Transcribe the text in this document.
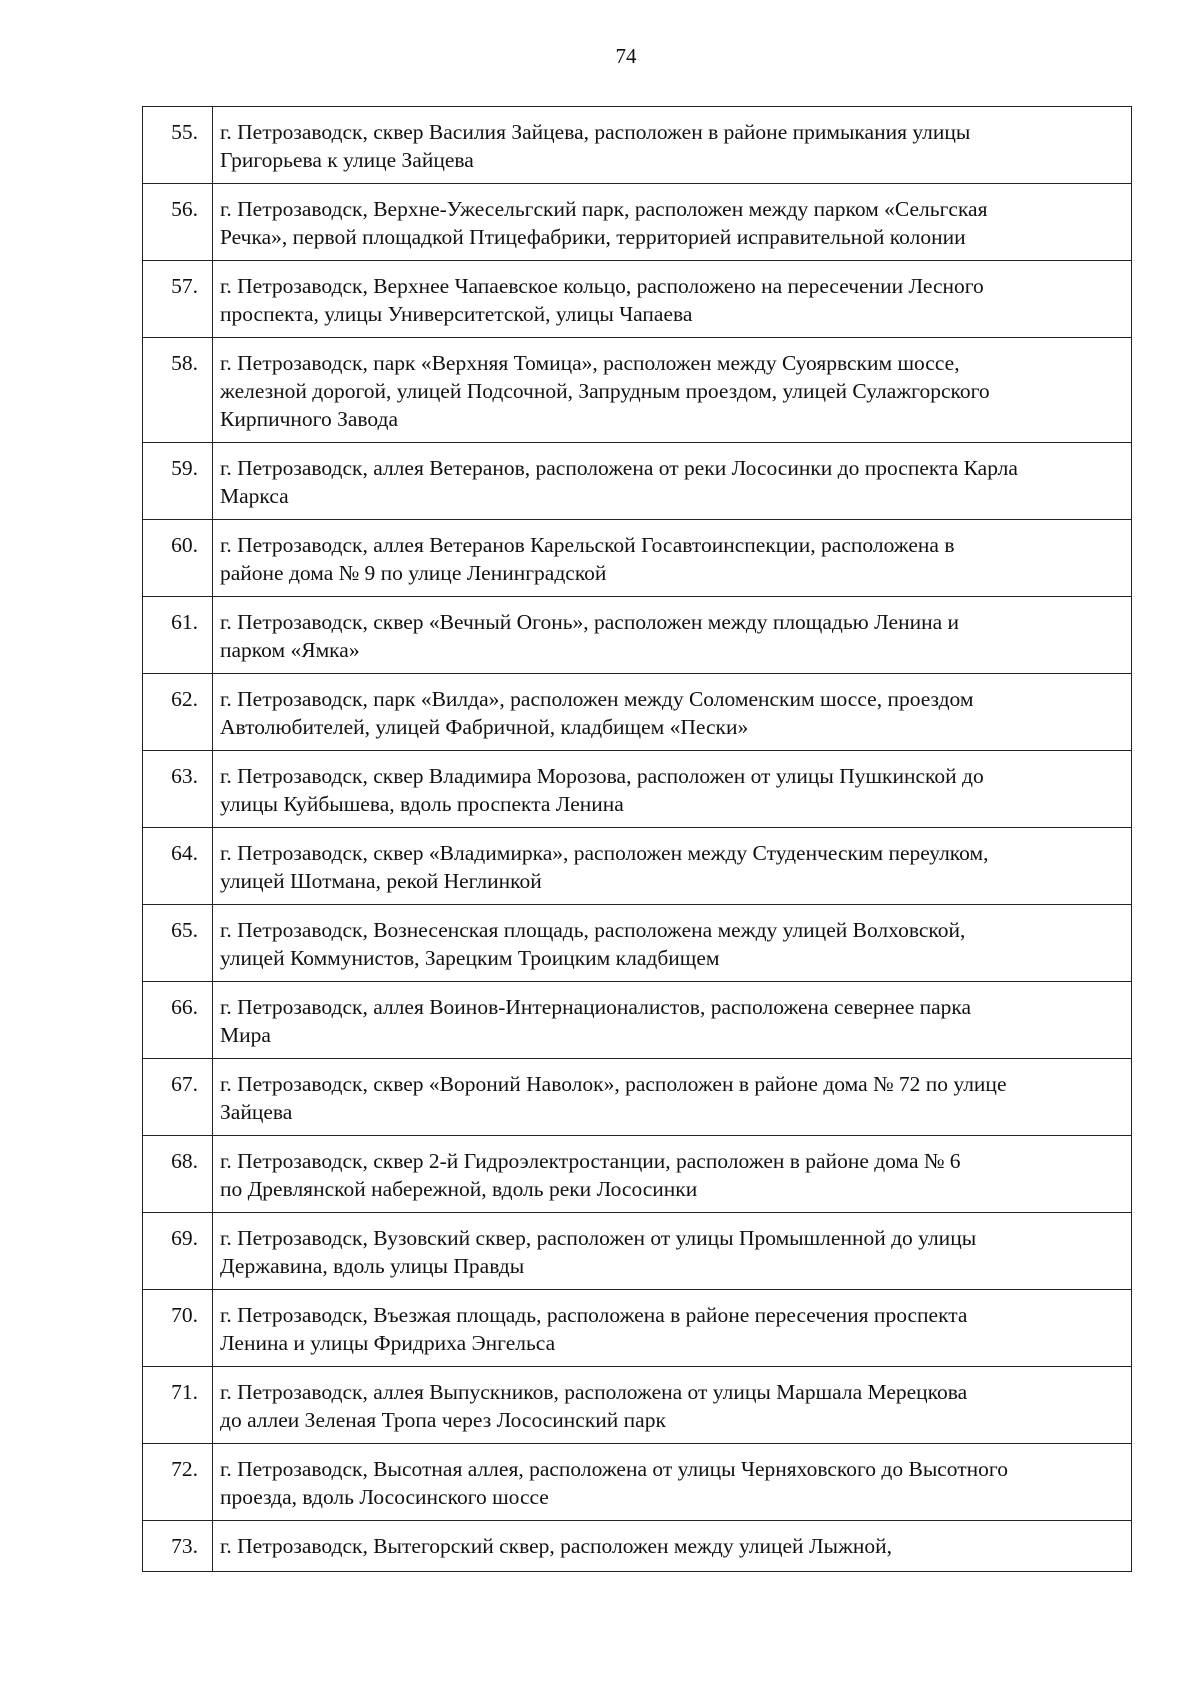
74
55.	г. Петрозаводск, сквер Василия Зайцева, расположен в районе примыкания улицы
Григорьева к улице Зайцева

56.	г. Петрозаводск, Верхне-Ужесельгский парк, расположен между парком «Сельгская
Речка», первой площадкой Птицефабрики, территорией исправительной колонии

57.	г. Петрозаводск, Верхнее Чапаевское кольцо, расположено на пересечении Лесного
проспекта, улицы Университетской, улицы Чапаева

58.	г. Петрозаводск, парк «Верхняя Томица», расположен между Суоярвским шоссе,
железной дорогой, улицей Подсочной, Запрудным проездом, улицей Сулажгорского
Кирпичного Завода

59.	г. Петрозаводск, аллея Ветеранов, расположена от реки Лососинки до проспекта Карла
Маркса

60.	г. Петрозаводск, аллея Ветеранов Карельской Госавтоинспекции, расположена в
районе дома № 9 по улице Ленинградской

61.	г. Петрозаводск, сквер «Вечный Огонь», расположен между площадью Ленина и
парком «Ямка»

62.	г. Петрозаводск, парк «Вилда», расположен между Соломенским шоссе, проездом
Автолюбителей, улицей Фабричной, кладбищем «Пески»

63.	г. Петрозаводск, сквер Владимира Морозова, расположен от улицы Пушкинской до
улицы Куйбышева, вдоль проспекта Ленина

64.	г. Петрозаводск, сквер «Владимирка», расположен между Студенческим переулком,
улицей Шотмана, рекой Неглинкой

65.	г. Петрозаводск, Вознесенская площадь, расположена между улицей Волховской,
улицей Коммунистов, Зарецким Троицким кладбищем

66.	г. Петрозаводск, аллея Воинов-Интернационалистов, расположена севернее парка
Мира

67.	г. Петрозаводск, сквер «Вороний Наволок», расположен в районе дома № 72 по улице
Зайцева

68.	г. Петрозаводск, сквер 2-й Гидроэлектростанции, расположен в районе дома № 6
по Древлянской набережной, вдоль реки Лососинки

69.	г. Петрозаводск, Вузовский сквер, расположен от улицы Промышленной до улицы
Державина, вдоль улицы Правды

70.	г. Петрозаводск, Въезжая площадь, расположена в районе пересечения проспекта
Ленина и улицы Фридриха Энгельса

71.	г. Петрозаводск, аллея Выпускников, расположена от улицы Маршала Мерецкова
до аллеи Зеленая Тропа через Лососинский парк

72.	г. Петрозаводск, Высотная аллея, расположена от улицы Черняховского до Высотного
проезда, вдоль Лососинского шоссе

73.	г. Петрозаводск, Вытегорский сквер, расположен между улицей Лыжной,
